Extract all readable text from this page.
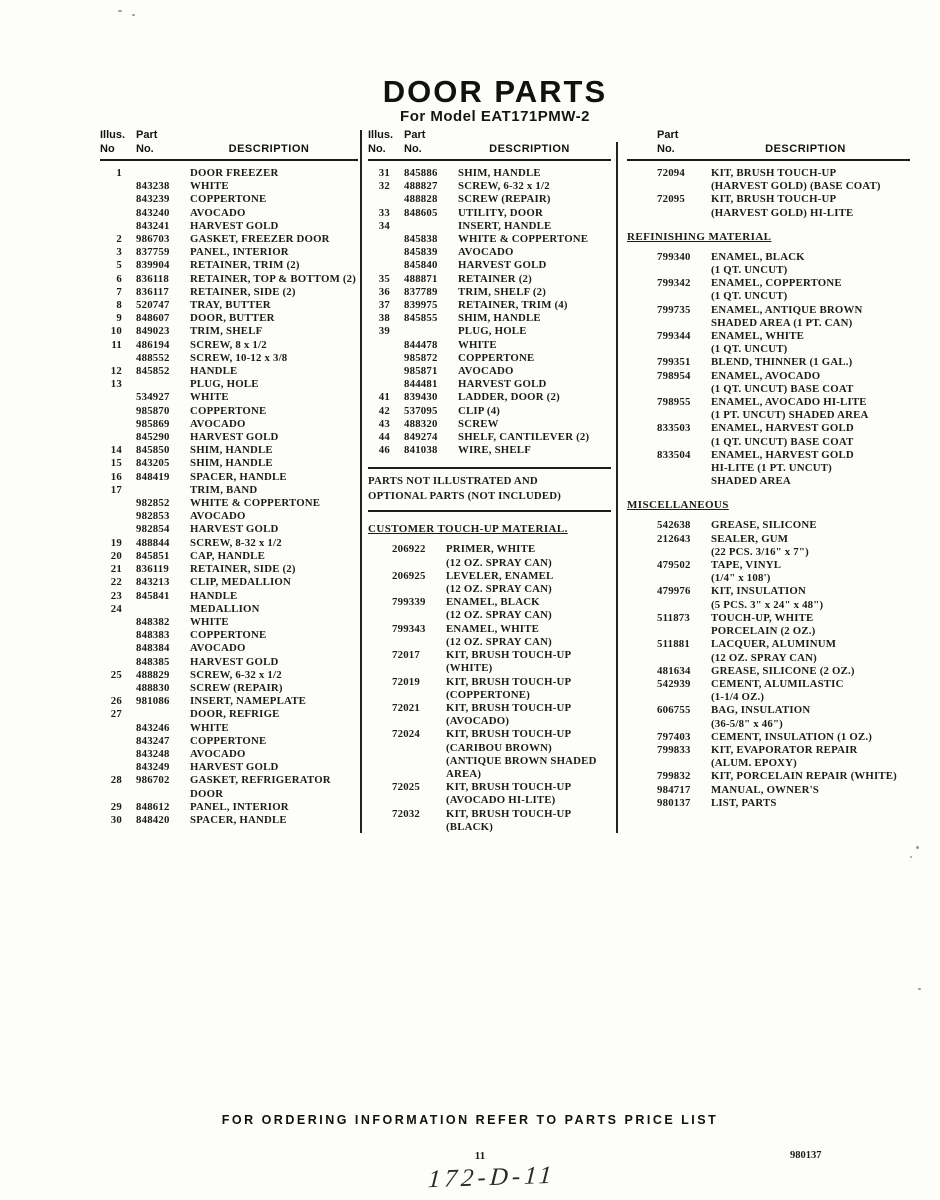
DOOR PARTS
For Model EAT171PMW-2
Illus. Part
No	No.	DESCRIPTION
1	DOOR FREEZER
843238	WHITE
843239	COPPERTONE
843240	AVOCADO
843241	HARVEST GOLD
2 986703	GASKET, FREEZER DOOR
3 837759	PANEL, INTERIOR
5 839904	RETAINER, TRIM (2)
6 836118	RETAINER, TOP & BOTTOM (2)
7 836117	RETAINER, SIDE (2)
8 520747	TRAY, BUTTER
9 848607	DOOR, BUTTER
10 849023	TRIM, SHELF
11 486194	SCREW, 8 x 1/2
488552	SCREW, 10-12 x 3/8
12 845852	HANDLE
13	PLUG, HOLE
534927	WHITE
985870	COPPERTONE
985869	AVOCADO
845290	HARVEST GOLD
14 845850	SHIM, HANDLE
15 843205	SHIM, HANDLE
16 848419	SPACER, HANDLE
17	TRIM, BAND
982852	WHITE & COPPERTONE
982853	AVOCADO
982854	HARVEST GOLD
19 488844	SCREW, 8-32 x 1/2
20 845851	CAP, HANDLE
21 836119	RETAINER, SIDE (2)
22 843213	CLIP, MEDALLION
23 845841	HANDLE
24	MEDALLION
848382	WHITE
848383	COPPERTONE
848384	AVOCADO
848385	HARVEST GOLD
25 488829	SCREW, 6-32 x 1/2
488830	SCREW (REPAIR)
26 981086	INSERT, NAMEPLATE
27	DOOR, REFRIGE
843246	WHITE
843247	COPPERTONE
843248	AVOCADO
843249	HARVEST GOLD
28 986702	GASKET, REFRIGERATOR
DOOR
29 848612	PANEL, INTERIOR
30 848420	SPACER, HANDLE
Illus. Part
No.	No.	DESCRIPTION
31 845886	SHIM, HANDLE
32 488827	SCREW, 6-32 x 1/2
488828	SCREW (REPAIR)
33 848605	UTILITY, DOOR
34	INSERT, HANDLE
845838	WHITE & COPPERTONE
845839	AVOCADO
845840	HARVEST GOLD
35 488871	RETAINER (2)
36 837789	TRIM, SHELF (2)
37 839975	RETAINER, TRIM (4)
38 845855	SHIM, HANDLE
39	PLUG, HOLE
844478	WHITE
985872	COPPERTONE
985871	AVOCADO
844481	HARVEST GOLD
41 839430	LADDER, DOOR (2)
42 537095	CLIP (4)
43 488320	SCREW
44 849274	SHELF, CANTILEVER (2)
46 841038	WIRE, SHELF
PARTS NOT ILLUSTRATED AND
OPTIONAL PARTS (NOT INCLUDED)
CUSTOMER TOUCH-UP MATERIAL.
206922	PRIMER, WHITE
(12 OZ. SPRAY CAN)
206925	LEVELER, ENAMEL
(12 OZ. SPRAY CAN)
799339	ENAMEL, BLACK
(12 OZ. SPRAY CAN)
799343	ENAMEL, WHITE
(12 OZ. SPRAY CAN)
72017	KIT, BRUSH TOUCH-UP
(WHITE)
72019	KIT, BRUSH TOUCH-UP
(COPPERTONE)
72021	KIT, BRUSH TOUCH-UP
(AVOCADO)
72024	KIT, BRUSH TOUCH-UP
(CARIBOU BROWN)
(ANTIQUE BROWN SHADED
AREA)
72025	KIT, BRUSH TOUCH-UP
(AVOCADO HI-LITE)
72032	KIT, BRUSH TOUCH-UP
(BLACK)
Part
No.	DESCRIPTION
72094	KIT, BRUSH TOUCH-UP
(HARVEST GOLD) (BASE COAT)
72095	KIT, BRUSH TOUCH-UP
(HARVEST GOLD) HI-LITE
REFINISHING MATERIAL
799340	ENAMEL, BLACK
(1 QT. UNCUT)
799342	ENAMEL, COPPERTONE
(1 QT. UNCUT)
799735	ENAMEL, ANTIQUE BROWN
SHADED AREA (1 PT. CAN)
799344	ENAMEL, WHITE
(1 QT. UNCUT)
799351	BLEND, THINNER (1 GAL.)
798954	ENAMEL, AVOCADO
(1 QT. UNCUT) BASE COAT
798955	ENAMEL, AVOCADO HI-LITE
(1 PT. UNCUT) SHADED AREA
833503	ENAMEL, HARVEST GOLD
(1 QT. UNCUT) BASE COAT
833504	ENAMEL, HARVEST GOLD
HI-LITE (1 PT. UNCUT)
SHADED AREA
MISCELLANEOUS
542638	GREASE, SILICONE
212643	SEALER, GUM
(22 PCS. 3/16" x 7")
479502	TAPE, VINYL
(1/4" x 108')
479976	KIT, INSULATION
(5 PCS. 3" x 24" x 48")
511873	TOUCH-UP, WHITE
PORCELAIN (2 OZ.)
511881	LACQUER, ALUMINUM
(12 OZ. SPRAY CAN)
481634	GREASE, SILICONE (2 OZ.)
542939	CEMENT, ALUMILASTIC
(1-1/4 OZ.)
606755	BAG, INSULATION
(36-5/8" x 46")
797403	CEMENT, INSULATION (1 OZ.)
799833	KIT, EVAPORATOR REPAIR
(ALUM. EPOXY)
799832	KIT, PORCELAIN REPAIR (WHITE)
984717	MANUAL, OWNER'S
980137	LIST, PARTS
FOR ORDERING INFORMATION REFER TO PARTS PRICE LIST
11	980137
172-D-11
